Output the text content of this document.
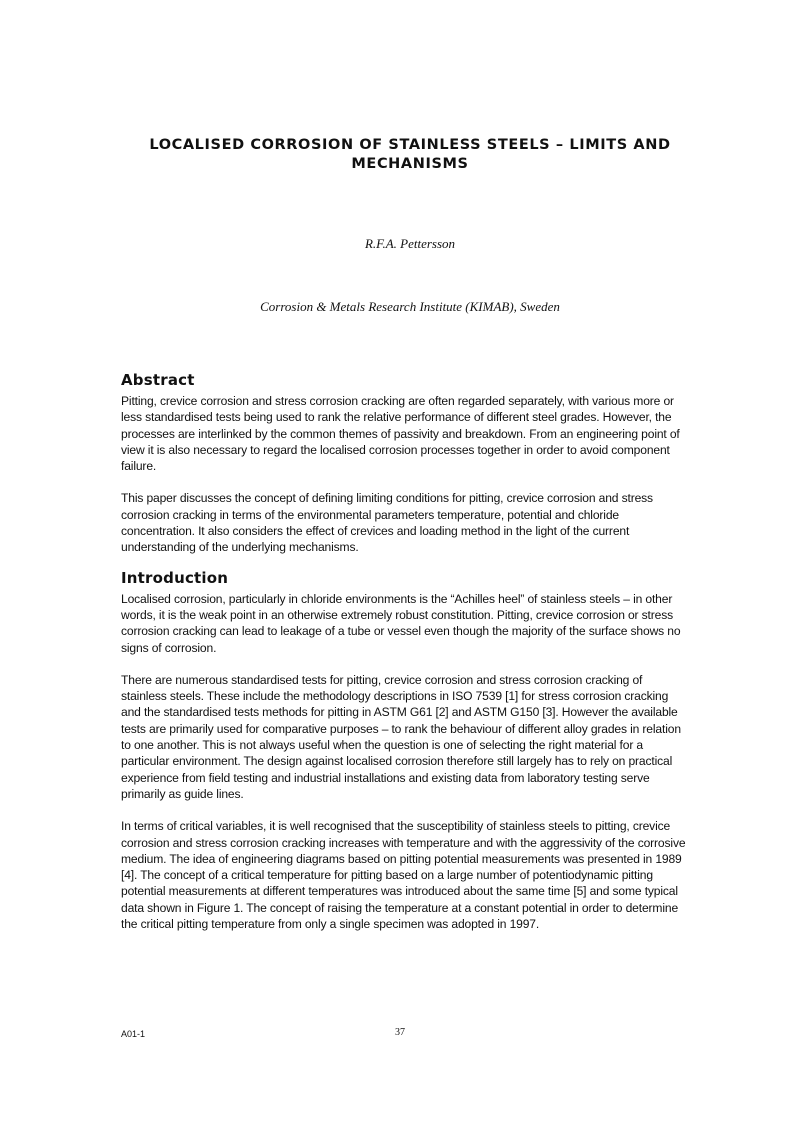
LOCALISED CORROSION OF STAINLESS STEELS – LIMITS AND MECHANISMS

R.F.A. Pettersson

Corrosion & Metals Research Institute (KIMAB), Sweden

Abstract

Pitting, crevice corrosion and stress corrosion cracking are often regarded separately, with various more or less standardised tests being used to rank the relative performance of different steel grades. However, the processes are interlinked by the common themes of passivity and breakdown. From an engineering point of view it is also necessary to regard the localised corrosion processes together in order to avoid component failure.

This paper discusses the concept of defining limiting conditions for pitting, crevice corrosion and stress corrosion cracking in terms of the environmental parameters temperature, potential and chloride concentration. It also considers the effect of crevices and loading method in the light of the current understanding of the underlying mechanisms.

Introduction

Localised corrosion, particularly in chloride environments is the “Achilles heel” of stainless steels – in other words, it is the weak point in an otherwise extremely robust constitution. Pitting, crevice corrosion or stress corrosion cracking can lead to leakage of a tube or vessel even though the majority of the surface shows no signs of corrosion.

There are numerous standardised tests for pitting, crevice corrosion and stress corrosion cracking of stainless steels. These include the methodology descriptions in ISO 7539 [1] for stress corrosion cracking and the standardised tests methods for pitting in ASTM G61 [2] and ASTM G150 [3]. However the available tests are primarily used for comparative purposes – to rank the behaviour of different alloy grades in relation to one another. This is not always useful when the question is one of selecting the right material for a particular environment. The design against localised corrosion therefore still largely has to rely on practical experience from field testing and industrial installations and existing data from laboratory testing serve primarily as guide lines.

In terms of critical variables, it is well recognised that the susceptibility of stainless steels to pitting, crevice corrosion and stress corrosion cracking increases with temperature and with the aggressivity of the corrosive medium. The idea of engineering diagrams based on pitting potential measurements was presented in 1989 [4]. The concept of a critical temperature for pitting based on a large number of potentiodynamic pitting potential measurements at different temperatures was introduced about the same time [5] and some typical data shown in Figure 1. The concept of raising the temperature at a constant potential in order to determine the critical pitting temperature from only a single specimen was adopted in 1997.

A01-1	37
